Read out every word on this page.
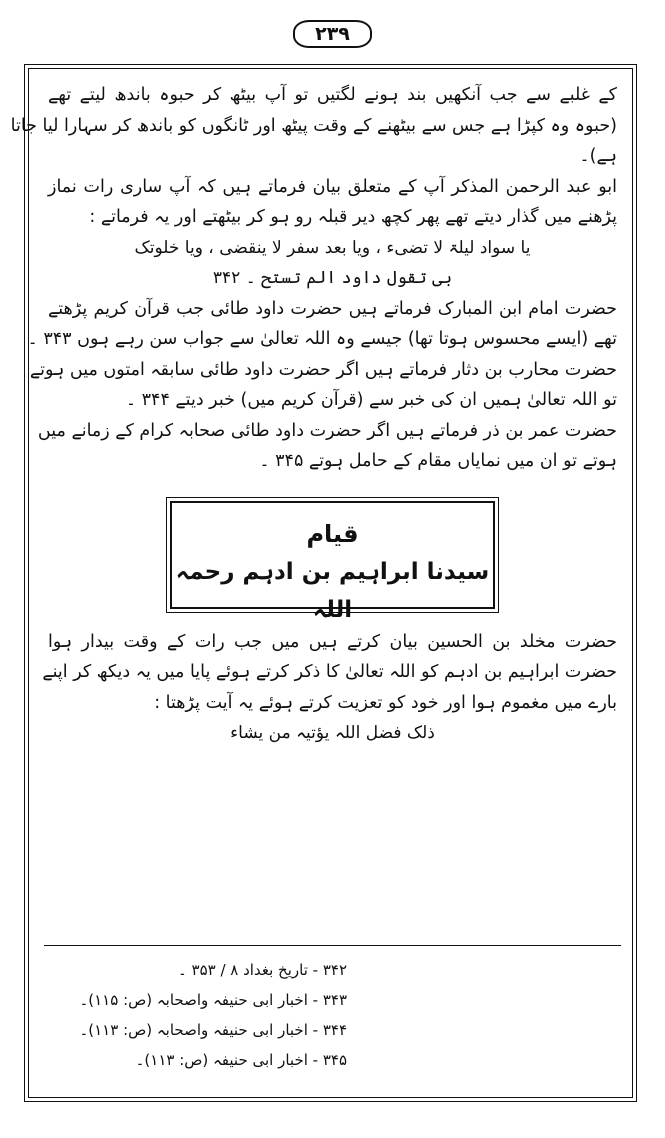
۲۳۹
کے غلبے سے جب آنکھیں بند ہونے لگتیں تو آپ بیٹھ کر حبوہ باندھ لیتے تھے
(حبوہ وہ کپڑا ہے جس سے بیٹھنے کے وقت پیٹھ اور ٹانگوں کو باندھ کر سہارا لیا جاتا
ہے)۔
ابو عبد الرحمن المذکر آپ کے متعلق بیان فرماتے ہیں کہ آپ ساری رات نماز
پڑھنے میں گذار دیتے تھے پھر کچھ دیر قبلہ رو ہو کر بیٹھتے اور یہ فرماتے :
یا سواد لیلۃ لا تضیء ، ویا بعد سفر لا ینقضی ، ویا خلوتک
بی تقول داود الم تستح ۔ ۳۴۲
حضرت امام ابن المبارک فرماتے ہیں حضرت داود طائی جب قرآن کریم پڑھتے
تھے (ایسے محسوس ہوتا تھا) جیسے وہ اللہ تعالیٰ سے جواب سن رہے ہوں ۳۴۳ ۔
حضرت محارب بن دثار فرماتے ہیں اگر حضرت داود طائی سابقہ امتوں میں ہوتے
تو اللہ تعالیٰ ہمیں ان کی خبر سے (قرآن کریم میں) خبر دیتے ۳۴۴ ۔
حضرت عمر بن ذر فرماتے ہیں اگر حضرت داود طائی صحابہ کرام کے زمانے میں
ہوتے تو ان میں نمایاں مقام کے حامل ہوتے ۳۴۵ ۔
قیام
سیدنا ابراہیم بن ادہم رحمہ اللہ
حضرت مخلد بن الحسین بیان کرتے ہیں میں جب رات کے وقت بیدار ہوا
حضرت ابراہیم بن ادہم کو اللہ تعالیٰ کا ذکر کرتے ہوئے پایا میں یہ دیکھ کر اپنے
بارے میں مغموم ہوا اور خود کو تعزیت کرتے ہوئے یہ آیت پڑھتا :
ذلک فضل اللہ یؤتیہ من یشاء
۳۴۲ - تاریخ بغداد ۸ / ۳۵۳ ۔
۳۴۳ - اخبار ابی حنیفہ واصحابہ (ص: ۱۱۵)۔
۳۴۴ - اخبار ابی حنیفہ واصحابہ (ص: ۱۱۳)۔
۳۴۵ - اخبار ابی حنیفہ (ص: ۱۱۳)۔
